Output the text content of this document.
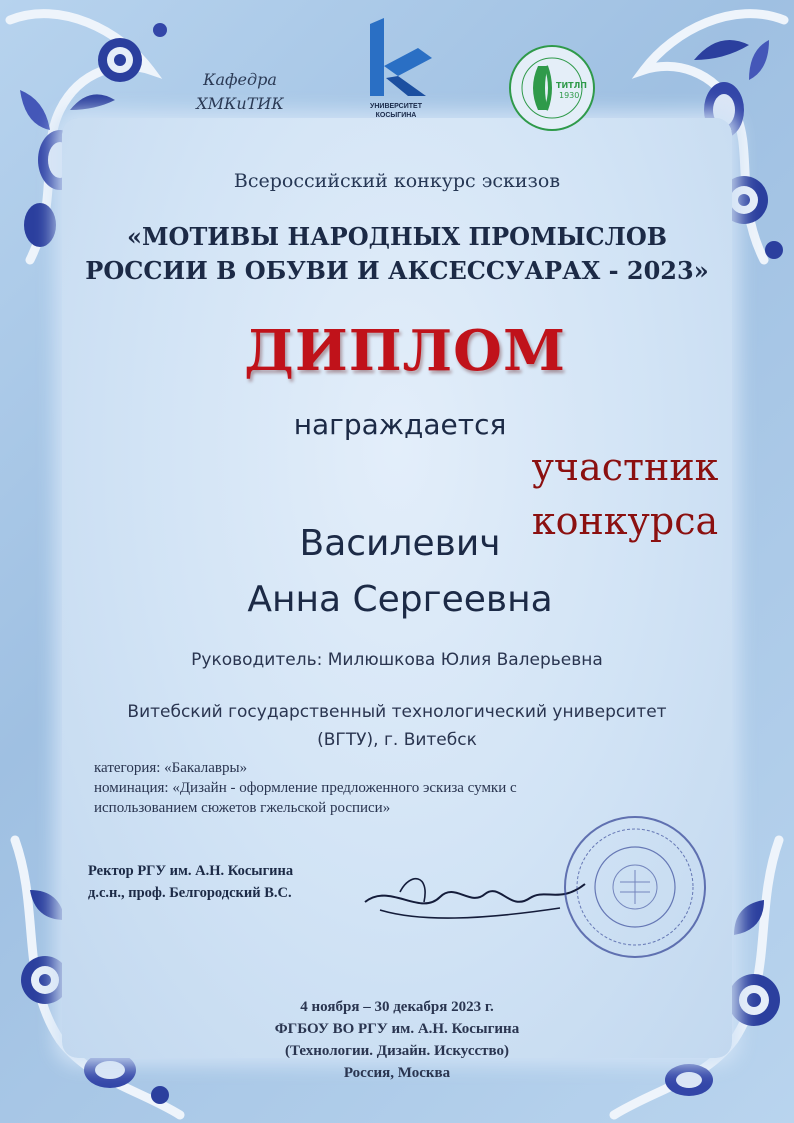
Кафедра
ХМКиТИК	УНИВЕРСИТЕТ
КОСЫГИНА
ТИТЛП
1930
Всероссийский конкурс эскизов
«МОТИВЫ НАРОДНЫХ ПРОМЫСЛОВ
РОССИИ В ОБУВИ И АКСЕССУАРАХ - 2023»
ДИПЛОМ
награждается
участник
конкурса
Василевич
Анна Сергеевна
Руководитель: Милюшкова Юлия Валерьевна
Витебский государственный технологический университет
(ВГТУ), г. Витебск
категория: «Бакалавры»
номинация: «Дизайн - оформление предложенного эскиза сумки с
использованием сюжетов гжельской росписи»
Ректор РГУ им. А.Н. Косыгина
д.с.н., проф. Белгородский В.С.
4 ноября – 30 декабря 2023 г.
ФГБОУ ВО РГУ им. А.Н. Косыгина
(Технологии. Дизайн. Искусство)
Россия, Москва
